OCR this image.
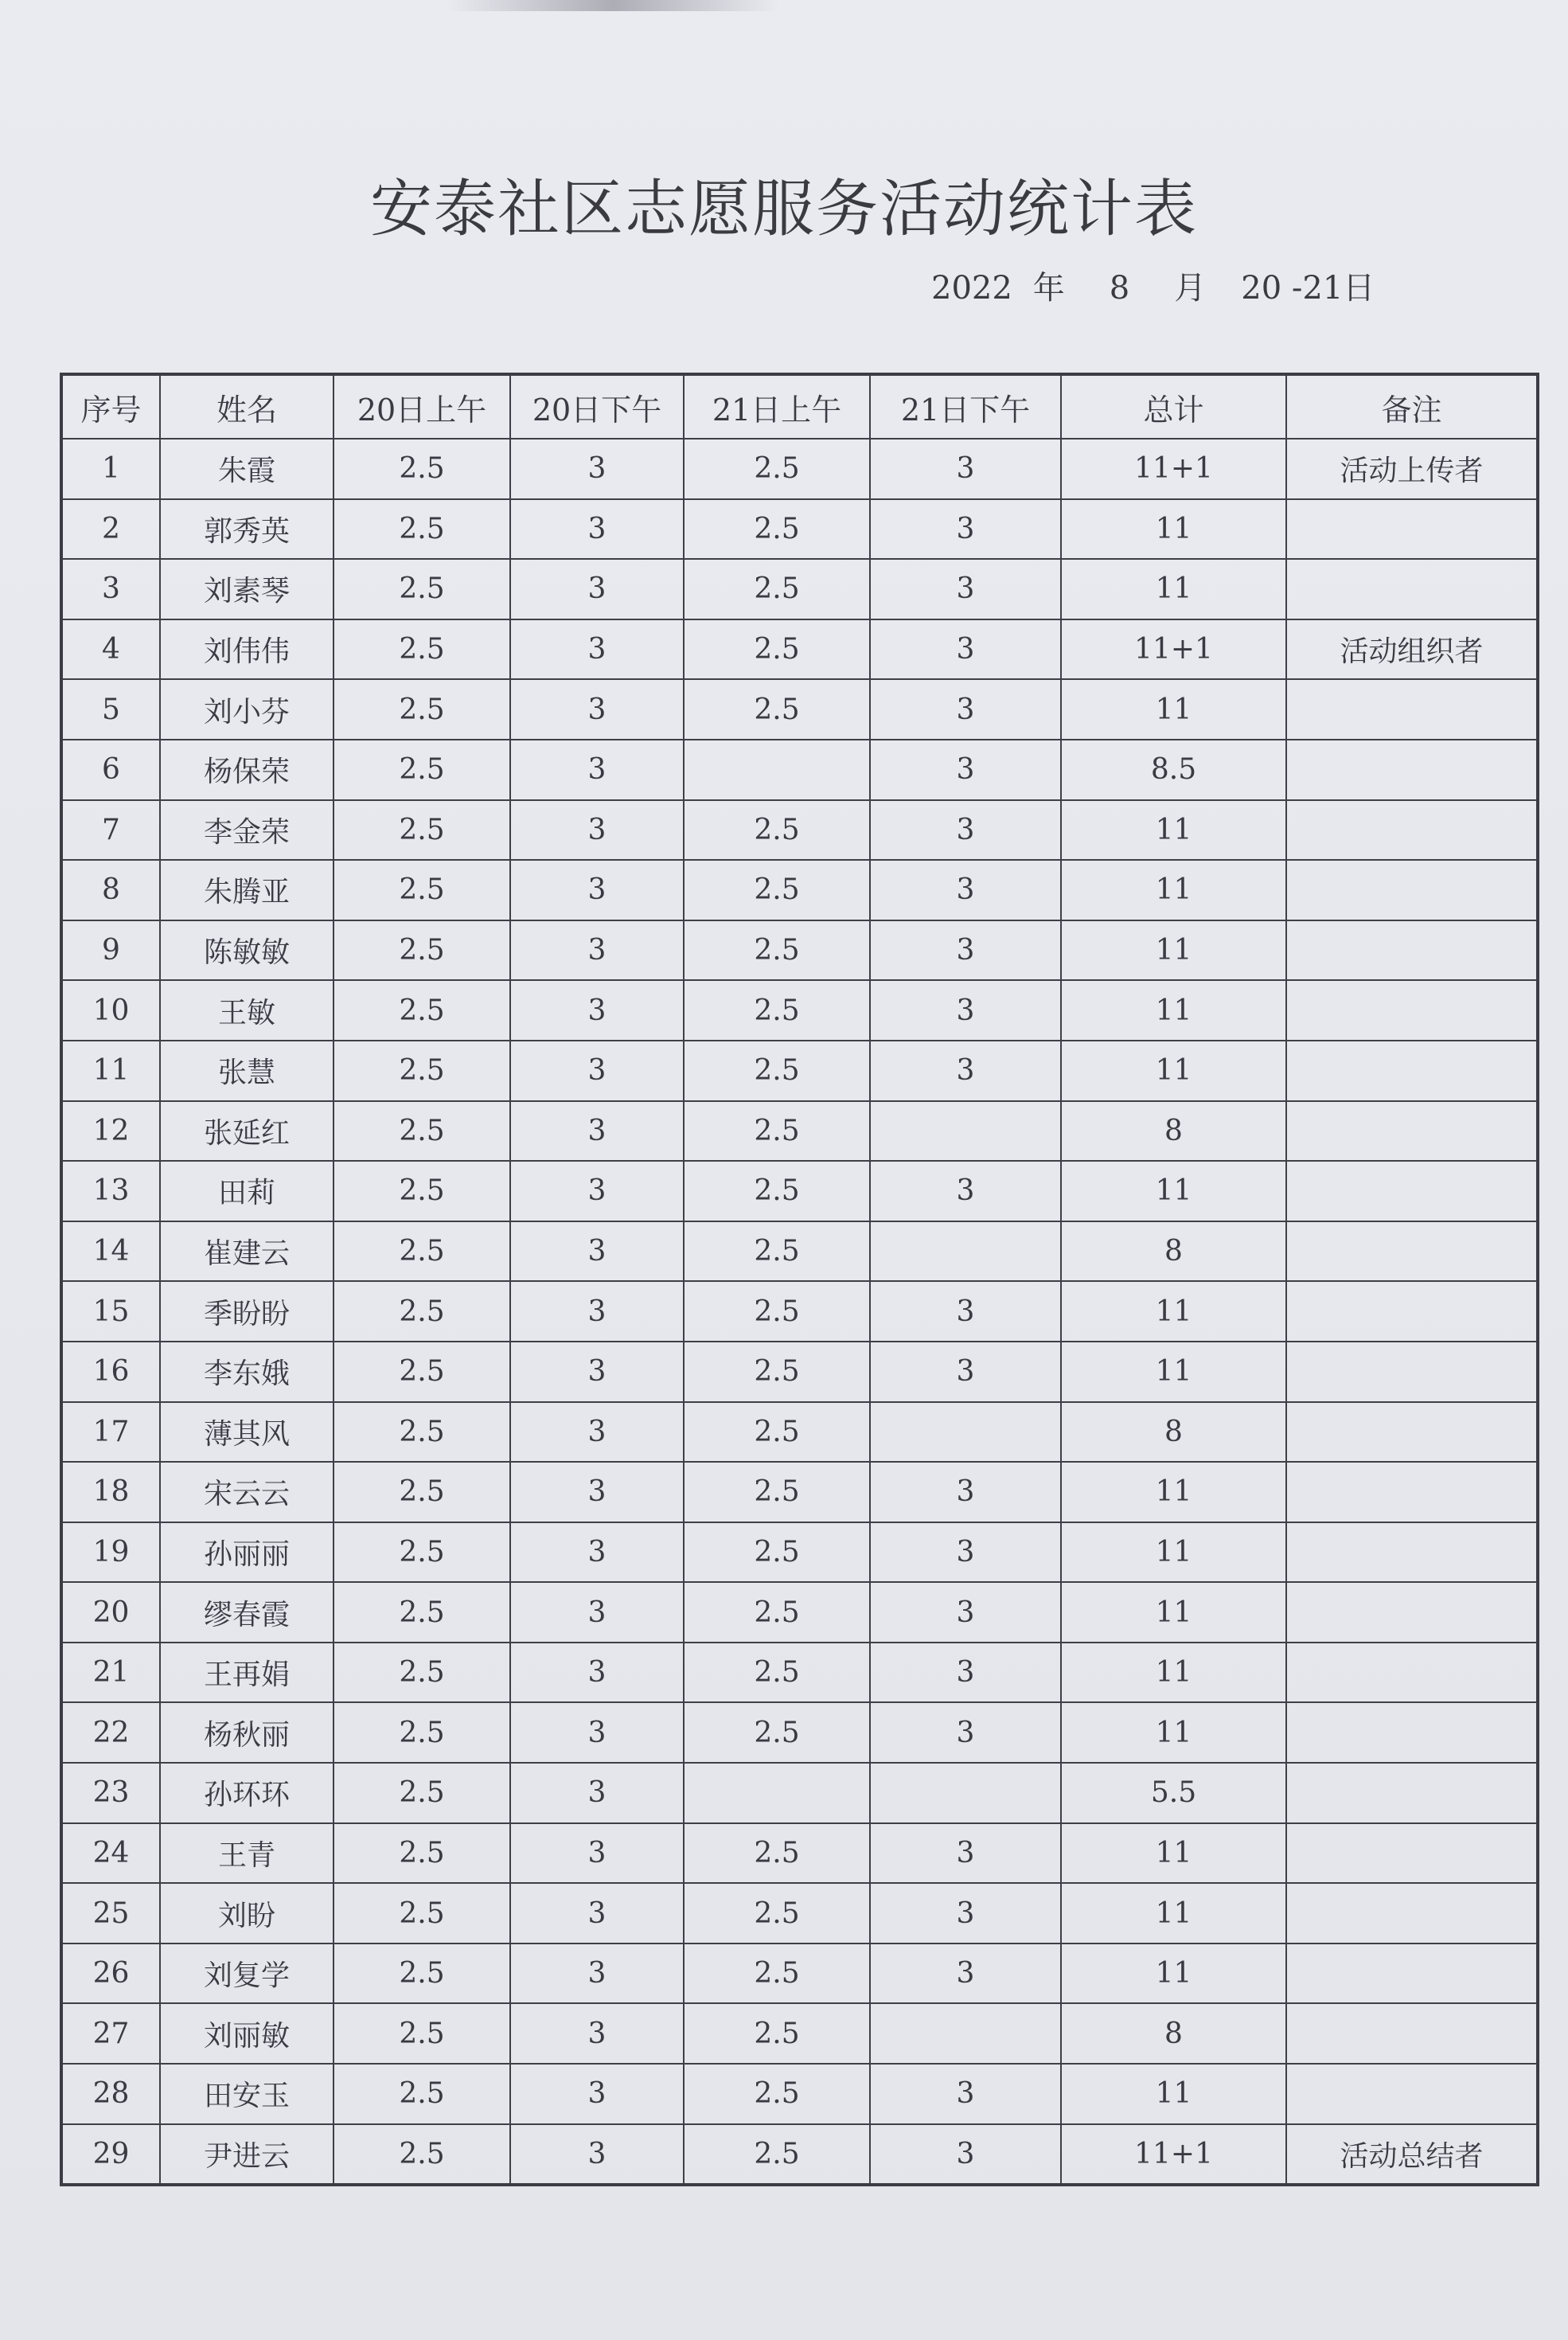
安泰社区志愿服务活动统计表
2022 年 8 月 20 -21日
序号	姓名	20日上午	20日下午	21日上午	21日下午	总计	备注
1	朱霞	2.5	3	2.5	3	11+1	活动上传者
2	郭秀英	2.5	3	2.5	3	11	
3	刘素琴	2.5	3	2.5	3	11	
4	刘伟伟	2.5	3	2.5	3	11+1	活动组织者
5	刘小芬	2.5	3	2.5	3	11	
6	杨保荣	2.5	3		3	8.5	
7	李金荣	2.5	3	2.5	3	11	
8	朱腾亚	2.5	3	2.5	3	11	
9	陈敏敏	2.5	3	2.5	3	11	
10	王敏	2.5	3	2.5	3	11	
11	张慧	2.5	3	2.5	3	11	
12	张延红	2.5	3	2.5		8	
13	田莉	2.5	3	2.5	3	11	
14	崔建云	2.5	3	2.5		8	
15	季盼盼	2.5	3	2.5	3	11	
16	李东娥	2.5	3	2.5	3	11	
17	薄其风	2.5	3	2.5		8	
18	宋云云	2.5	3	2.5	3	11	
19	孙丽丽	2.5	3	2.5	3	11	
20	缪春霞	2.5	3	2.5	3	11	
21	王再娟	2.5	3	2.5	3	11	
22	杨秋丽	2.5	3	2.5	3	11	
23	孙环环	2.5	3			5.5	
24	王青	2.5	3	2.5	3	11	
25	刘盼	2.5	3	2.5	3	11	
26	刘复学	2.5	3	2.5	3	11	
27	刘丽敏	2.5	3	2.5		8	
28	田安玉	2.5	3	2.5	3	11	
29	尹进云	2.5	3	2.5	3	11+1	活动总结者
